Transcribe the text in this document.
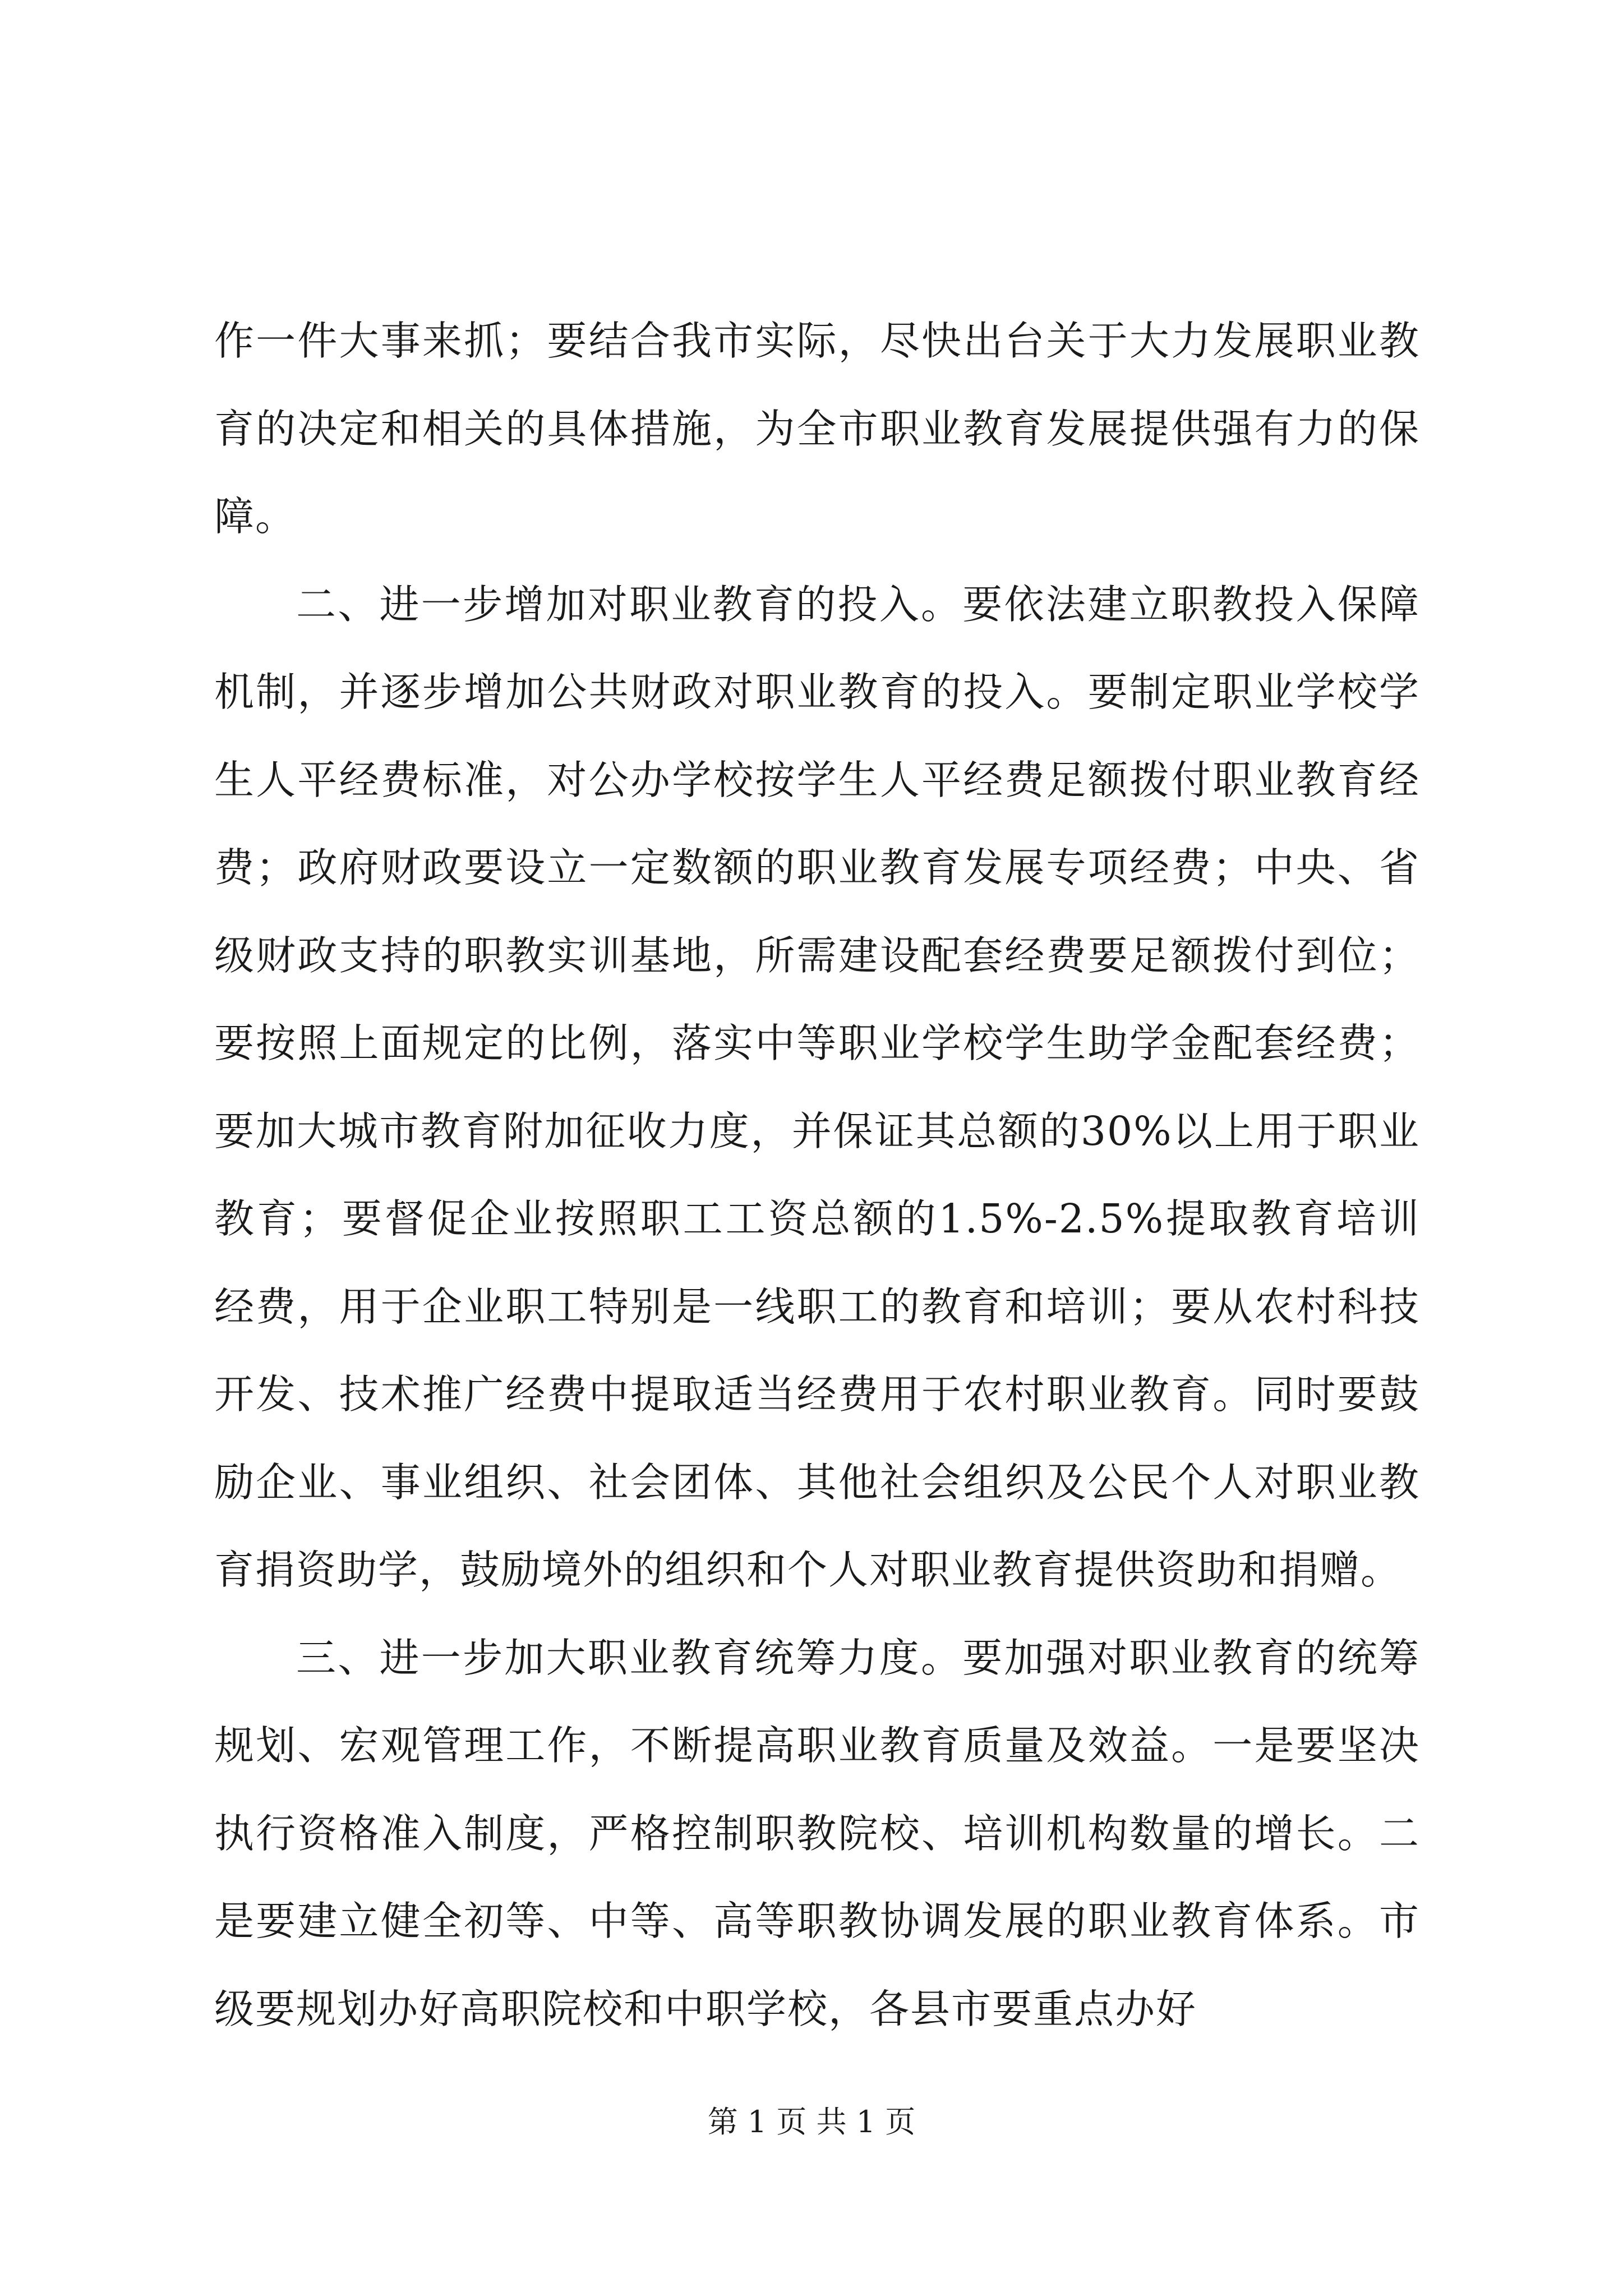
作一件大事来抓；要结合我市实际，尽快出台关于大力发展职业教育的决定和相关的具体措施，为全市职业教育发展提供强有力的保障。

二、进一步增加对职业教育的投入。要依法建立职教投入保障机制，并逐步增加公共财政对职业教育的投入。要制定职业学校学生人平经费标准，对公办学校按学生人平经费足额拨付职业教育经费；政府财政要设立一定数额的职业教育发展专项经费；中央、省级财政支持的职教实训基地，所需建设配套经费要足额拨付到位；要按照上面规定的比例，落实中等职业学校学生助学金配套经费；要加大城市教育附加征收力度，并保证其总额的30%以上用于职业教育；要督促企业按照职工工资总额的1.5%-2.5%提取教育培训经费，用于企业职工特别是一线职工的教育和培训；要从农村科技开发、技术推广经费中提取适当经费用于农村职业教育。同时要鼓励企业、事业组织、社会团体、其他社会组织及公民个人对职业教育捐资助学，鼓励境外的组织和个人对职业教育提供资助和捐赠。

三、进一步加大职业教育统筹力度。要加强对职业教育的统筹规划、宏观管理工作，不断提高职业教育质量及效益。一是要坚决执行资格准入制度，严格控制职教院校、培训机构数量的增长。二是要建立健全初等、中等、高等职教协调发展的职业教育体系。市级要规划办好高职院校和中职学校，各县市要重点办好

第 1 页 共 1 页
